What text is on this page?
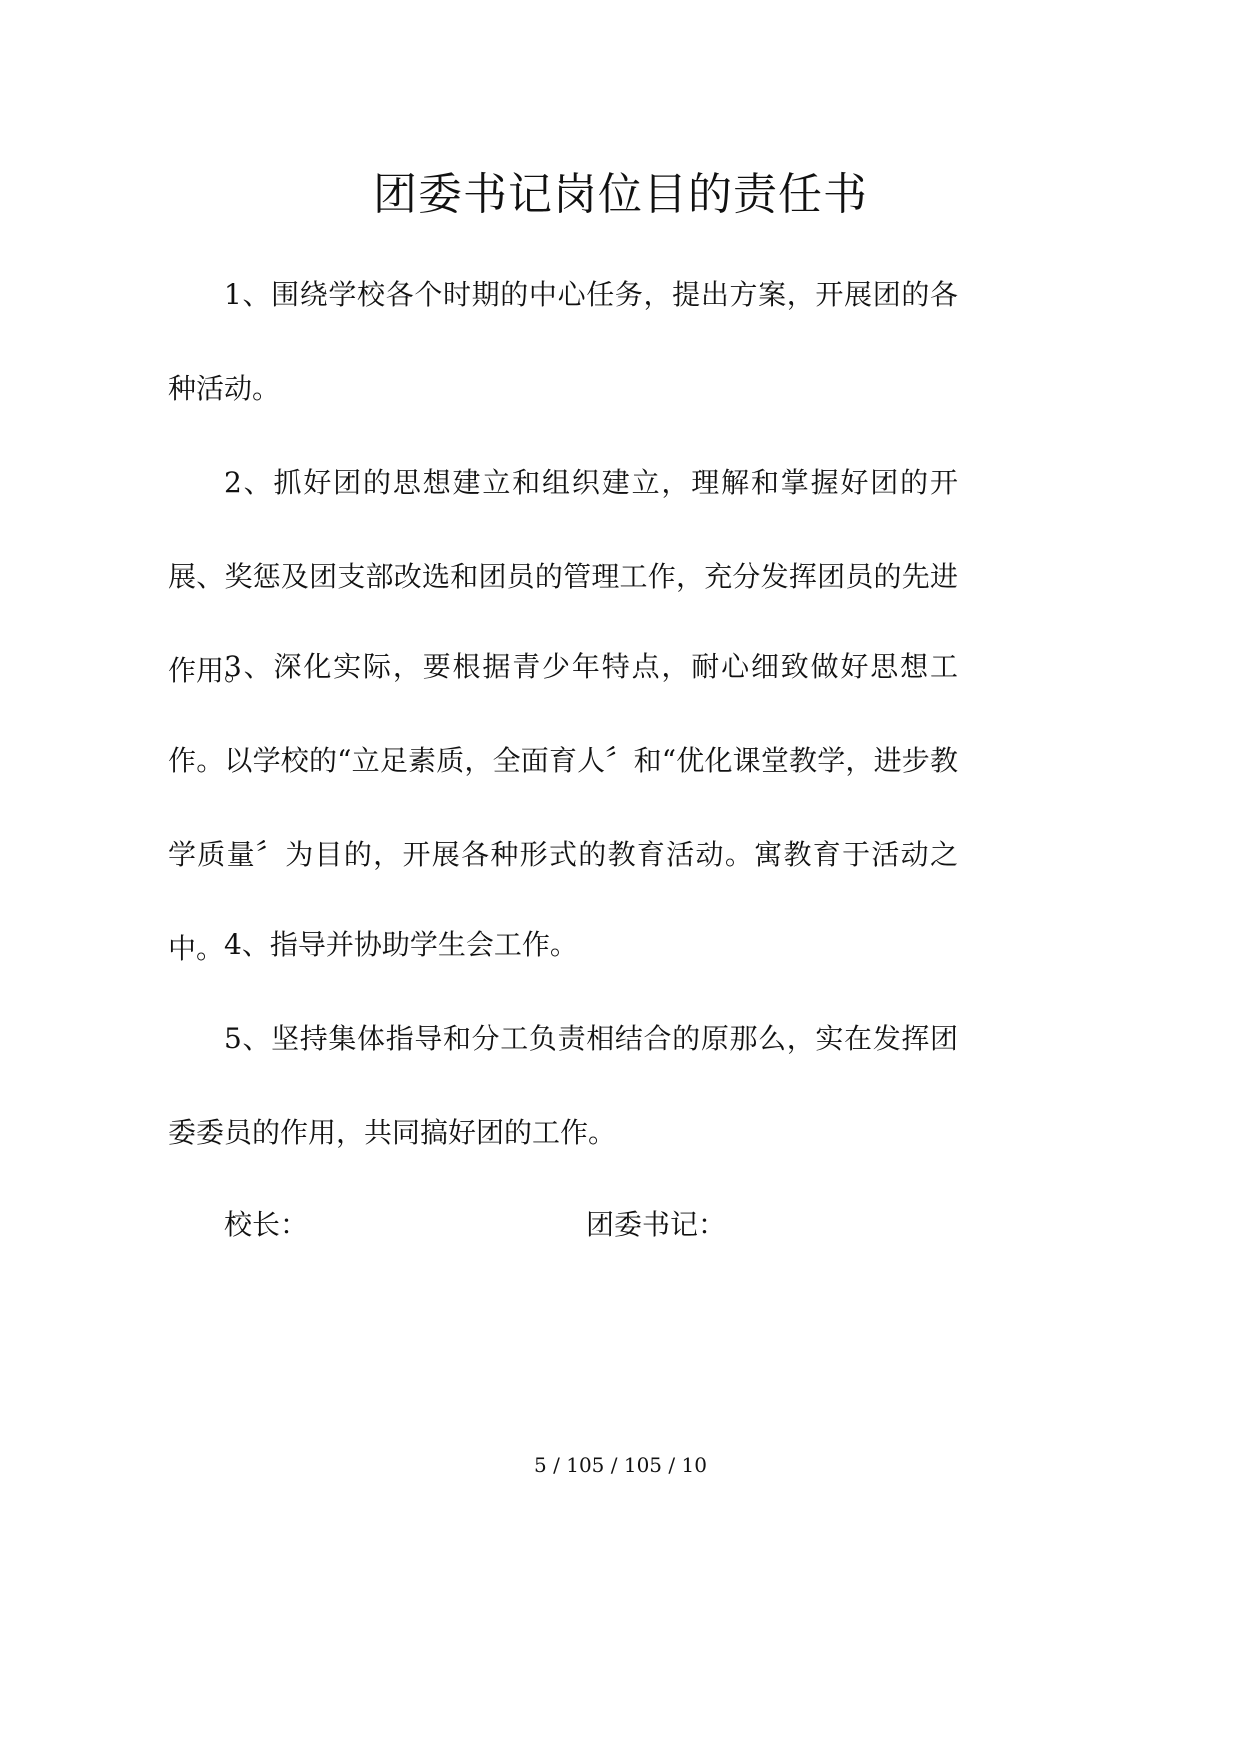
团委书记岗位目的责任书

1、围绕学校各个时期的中心任务，提出方案，开展团的各种活动。

2、抓好团的思想建立和组织建立，理解和掌握好团的开展、奖惩及团支部改选和团员的管理工作，充分发挥团员的先进作用。

3、深化实际，要根据青少年特点，耐心细致做好思想工作。以学校的“立足素质，全面育人〞和“优化课堂教学，进步教学质量〞为目的，开展各种形式的教育活动。寓教育于活动之中。 4、指导并协助学生会工作。

5、坚持集体指导和分工负责相结合的原那么，实在发挥团委委员的作用，共同搞好团的工作。

校长：	团委书记：
5 / 105 / 105 / 10
